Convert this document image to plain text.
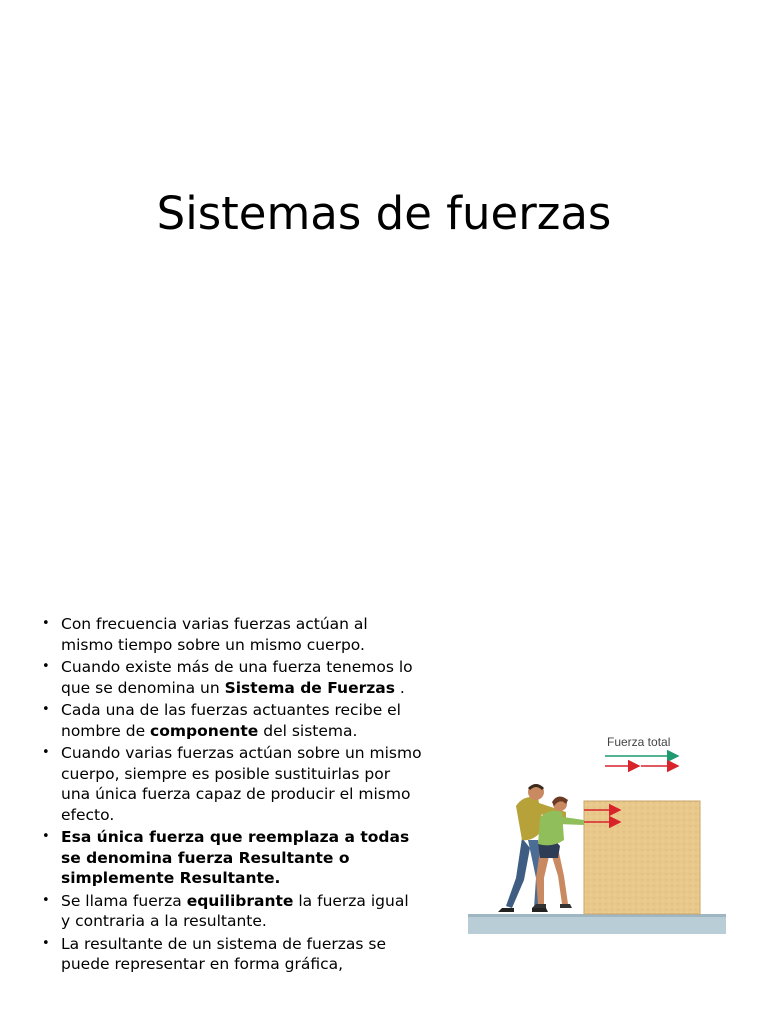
Sistemas de fuerzas
• Con frecuencia varias fuerzas actúan al mismo tiempo sobre un mismo cuerpo.
• Cuando existe más de una fuerza tenemos lo que se denomina un Sistema de Fuerzas .
• Cada una de las fuerzas actuantes recibe el nombre de componente del sistema.
• Cuando varias fuerzas actúan sobre un mismo cuerpo, siempre es posible sustituirlas por una única fuerza capaz de producir el mismo efecto.
• Esa única fuerza que reemplaza a todas se denomina fuerza Resultante o simplemente Resultante.
• Se llama fuerza equilibrante la fuerza igual y contraria a la resultante.
• La resultante de un sistema de fuerzas se puede representar en forma gráfica,
Fuerza total
